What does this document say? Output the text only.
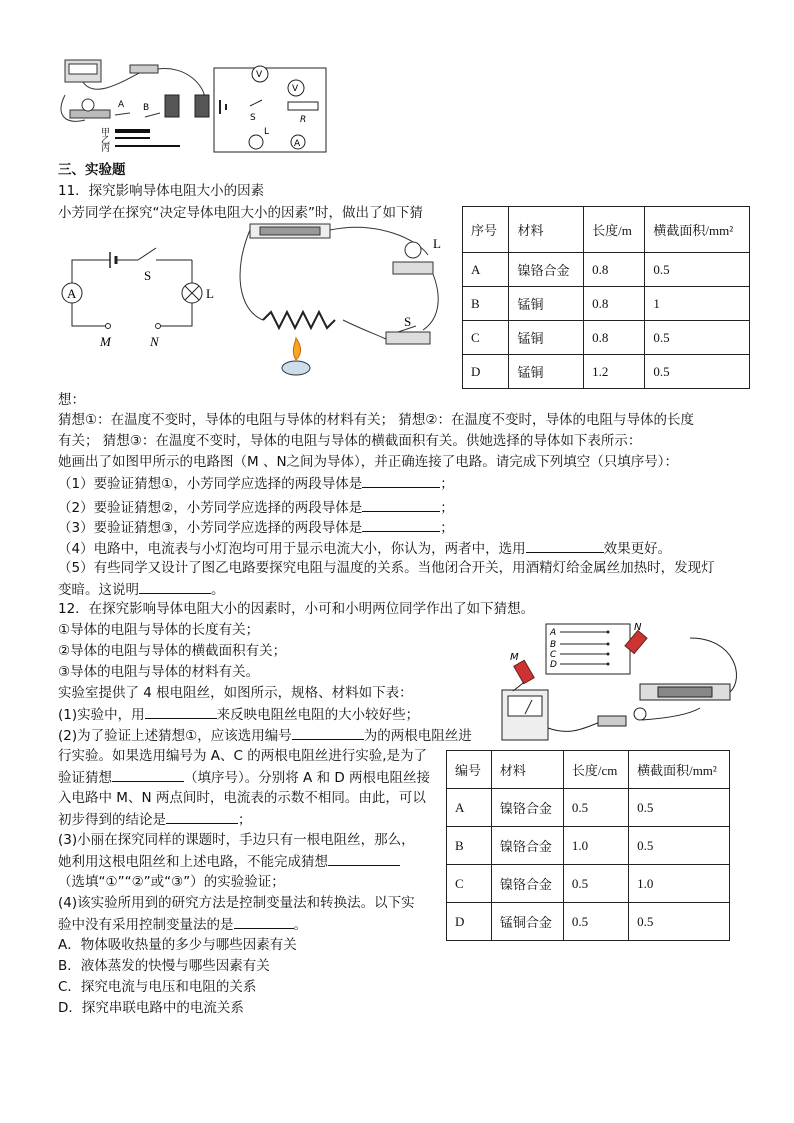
A B
甲
乙
丙
V
V
S	R
L
A
三、实验题
11．探究影响导体电阻大小的因素
小芳同学在探究“决定导体电阻大小的因素”时，做出了如下猜
A
S
L
M	N
L
S
序号	材料	长度/m	横截面积/mm²
A	镍铬合金	0.8	0.5
B	锰铜	0.8	1
C	锰铜	0.8	0.5
D	锰铜	1.2	0.5
想：
猜想①：在温度不变时，导体的电阻与导体的材料有关； 猜想②：在温度不变时，导体的电阻与导体的长度
有关； 猜想③：在温度不变时，导体的电阻与导体的横截面积有关。供她选择的导体如下表所示：
她画出了如图甲所示的电路图（M 、N之间为导体），并正确连接了电路。请完成下列填空（只填序号）：
（1）要验证猜想①，小芳同学应选择的两段导体是	；
（2）要验证猜想②，小芳同学应选择的两段导体是	；
（3）要验证猜想③，小芳同学应选择的两段导体是	；
（4）电路中，电流表与小灯泡均可用于显示电流大小，你认为，两者中，选用	效果更好。
（5）有些同学又设计了图乙电路要探究电阻与温度的关系。当他闭合开关，用酒精灯给金属丝加热时，发现灯
变暗。这说明	。
12．在探究影响导体电阻大小的因素时，小可和小明两位同学作出了如下猜想。
①导体的电阻与导体的长度有关；
②导体的电阻与导体的横截面积有关；
③导体的电阻与导体的材料有关。
实验室提供了 4 根电阻丝，如图所示，规格、材料如下表：
(1)实验中，用	来反映电阻丝电阻的大小较好些；
(2)为了验证上述猜想①，应该选用编号	为的两根电阻丝进
行实验。如果选用编号为 A、C 的两根电阻丝进行实验,是为了
验证猜想	（填序号）。分别将 A 和 D 两根电阻丝接
入电路中 M、N 两点间时，电流表的示数不相同。由此，可以
初步得到的结论是	；
(3)小丽在探究同样的课题时，手边只有一根电阻丝，那么，
她利用这根电阻丝和上述电路，不能完成猜想
（选填“①”“②”或“③”）的实验验证；
(4)该实验所用到的研究方法是控制变量法和转换法。以下实
验中没有采用控制变量法的是	。
A．物体吸收热量的多少与哪些因素有关
B．液体蒸发的快慢与哪些因素有关
C．探究电流与电压和电阻的关系
D．探究串联电路中的电流关系
A
B
C
D
M
N
编号	材料	长度/cm	横截面积/mm²
A	镍铬合金	0.5	0.5
B	镍铬合金	1.0	0.5
C	镍铬合金	0.5	1.0
D	锰铜合金	0.5	0.5
